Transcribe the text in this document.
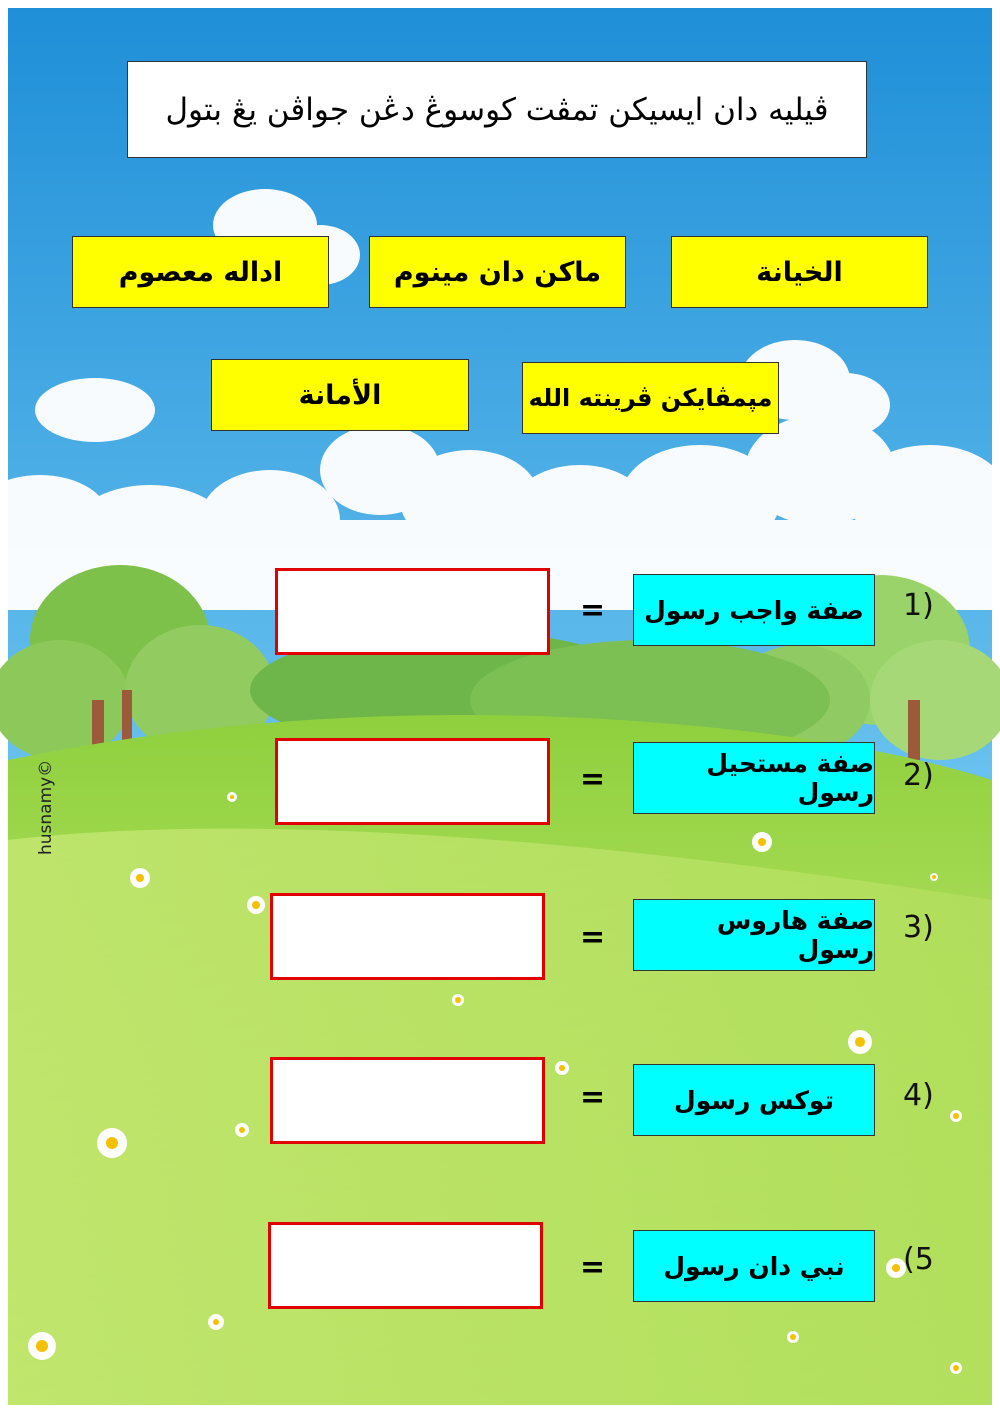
ڤيليه دان ايسيکن تمڤت کوسوڠ دڠن جواڤن يڠ بتول
الخيانة
ماكن دان مينوم
اداله معصوم
مپمڤايكن ڤرينته الله
الأمانة
1)
صفة واجب رسول
=
2)
صفة مستحيل رسول
=
3)
صفة هاروس رسول
=
4)
توكس رسول
=
(5
نبي دان رسول
=
husnamy©
